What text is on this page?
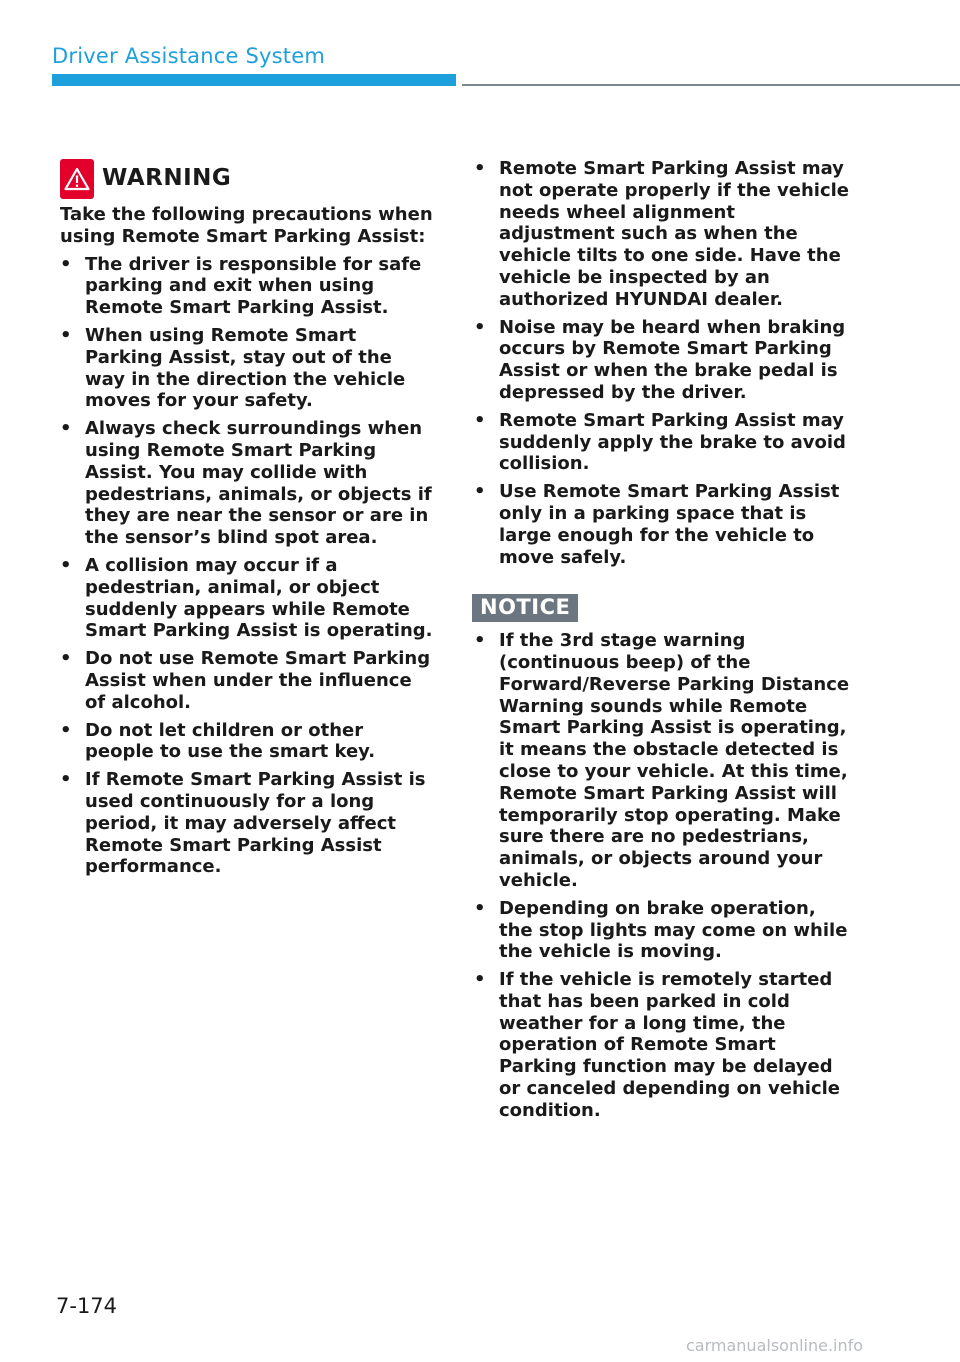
Driver Assistance System
WARNING

Take the following precautions when using Remote Smart Parking Assist:

• The driver is responsible for safe parking and exit when using Remote Smart Parking Assist.
• When using Remote Smart Parking Assist, stay out of the way in the direction the vehicle moves for your safety.
• Always check surroundings when using Remote Smart Parking Assist. You may collide with pedestrians, animals, or objects if they are near the sensor or are in the sensor’s blind spot area.
• A collision may occur if a pedestrian, animal, or object suddenly appears while Remote Smart Parking Assist is operating.
• Do not use Remote Smart Parking Assist when under the influence of alcohol.
• Do not let children or other people to use the smart key.
• If Remote Smart Parking Assist is used continuously for a long period, it may adversely affect Remote Smart Parking Assist performance.
• Remote Smart Parking Assist may not operate properly if the vehicle needs wheel alignment adjustment such as when the vehicle tilts to one side. Have the vehicle be inspected by an authorized HYUNDAI dealer.
• Noise may be heard when braking occurs by Remote Smart Parking Assist or when the brake pedal is depressed by the driver.
• Remote Smart Parking Assist may suddenly apply the brake to avoid collision.
• Use Remote Smart Parking Assist only in a parking space that is large enough for the vehicle to move safely.
NOTICE
• If the 3rd stage warning (continuous beep) of the Forward/Reverse Parking Distance Warning sounds while Remote Smart Parking Assist is operating, it means the obstacle detected is close to your vehicle. At this time, Remote Smart Parking Assist will temporarily stop operating. Make sure there are no pedestrians, animals, or objects around your vehicle.
• Depending on brake operation, the stop lights may come on while the vehicle is moving.
• If the vehicle is remotely started that has been parked in cold weather for a long time, the operation of Remote Smart Parking function may be delayed or canceled depending on vehicle condition.
7-174
carmanualsonline.info
